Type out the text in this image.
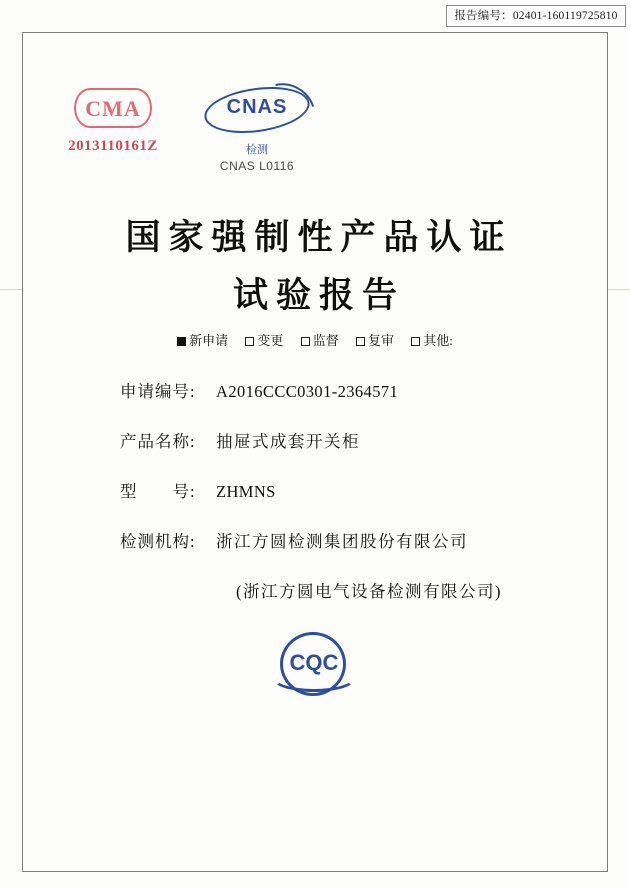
报告编号：02401-160119725810
CMA
2013110161Z
CNAS
检测
CNAS L0116
国家强制性产品认证
试验报告
新申请 变更 监督 复审 其他:
申请编号:	A2016CCC0301-2364571
产品名称:	抽屉式成套开关柜
型　　号:	ZHMNS
检测机构:	浙江方圆检测集团股份有限公司
(浙江方圆电气设备检测有限公司)
CQC
